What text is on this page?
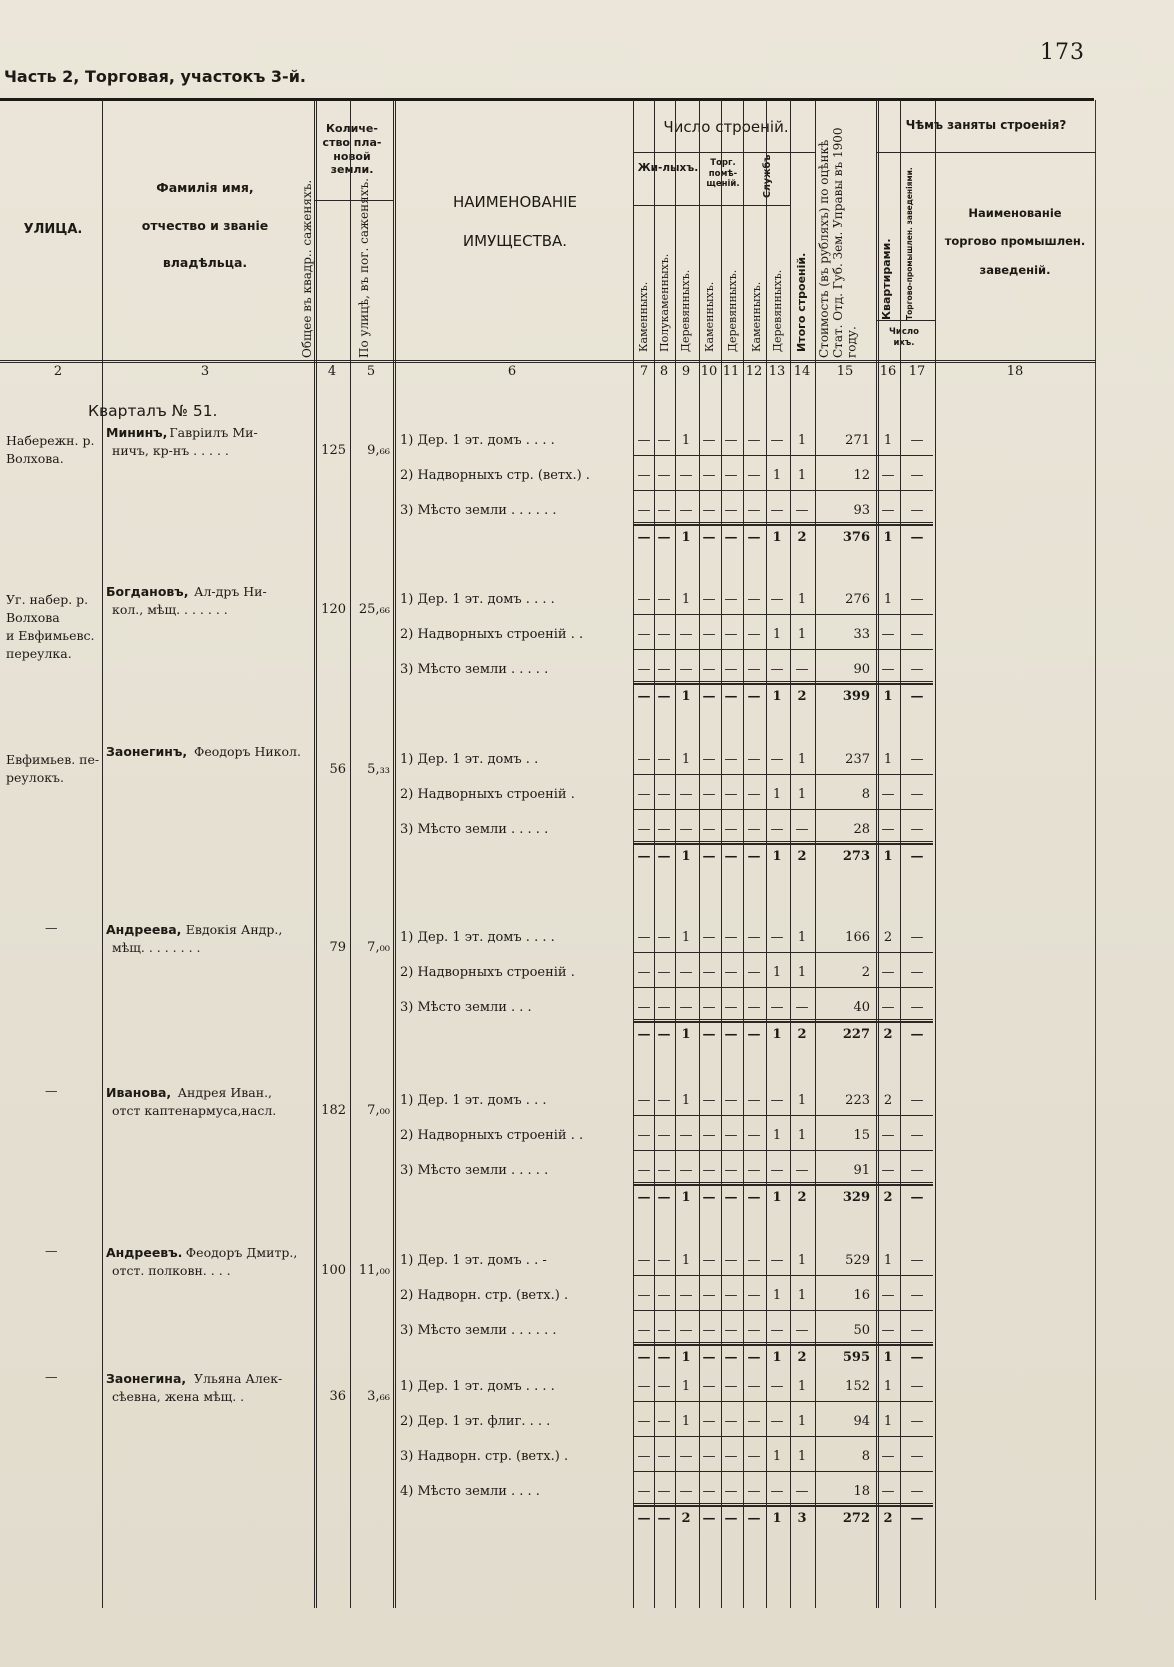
173
Часть 2, Торговая, участокъ 3-й.
УЛИЦА.
Фамилія имя,
отчество и званіе
владѣльца.
Количе-ство пла-новой земли.
Общее въ квадр.. саженяхъ.	По улицѣ, въ пог. саженяхъ.	НАИМЕНОВАНІЕ
ИМУЩЕСТВА.
Число строеній.
Жи-лыхъ.	Торг. помѣ-щеній.	Службъ
Каменныхъ. Полукаменныхъ. Деревянныхъ. Каменныхъ. Деревянныхъ. Каменныхъ. Деревянныхъ. Итого строеній. Стоимость (въ рубляхъ) по оцѣнкѣ Стат. Отд. Губ. Зем. Управы въ 1900 году.
Чѣмъ заняты строенія?
Квартирами. Торгово-промышлен. заведеніями.
Число ихъ.
Наименованіе
торгово промышлен.
заведеній.
2	3	4	5	6	7 8	9 10 11 12 13 14 15 16 17	18
Кварталъ № 51.
Набережн. р.
Волхова.
Мининъ, Гаврiилъ Ми-
ничъ, кр-нъ . . . . .	125	9,₆₆
1) Дер. 1 эт. домъ . . . .	— — 1 — — — —	1	271	1	—
2) Надворныхъ стр. (ветх.) .	— — — — — — 1	1	12 — —
3) Мѣсто земли . . . . . .	— — — — — — — —	93 — —
— — 1 — — — 1	2	376	1	—
Уг. набер. р.
Волхова
и Евфимьевс.
переулка.
Богдановъ, Ал-дръ Ни-
кол., мѣщ. . . . . . .	120 25,₆₆
1) Дер. 1 эт. домъ . . . .	— — 1 — — — —	1	276	1	—
2) Надворныхъ строеній . .	— — — — — — 1	1	33 — —
3) Мѣсто земли . . . . .	— — — — — — — —	90 — —
— — 1 — — — 1	2	399	1	—
Евфимьев. пе-
реулокъ.
Заонегинъ, Феодоръ Никол.
56	5,₃₃
1) Дер. 1 эт. домъ . .	— — 1 — — — —	1	237	1	—
2) Надворныхъ строеній .	— — — — — — 1	1	8 — —
3) Мѣсто земли . . . . .	— — — — — — — —	28 — —
— — 1 — — — 1	2	273	1	—
—	Андреева, Евдокія Андр.,
мѣщ. . . . . . . .	79	7,₀₀
1) Дер. 1 эт. домъ . . . .	— — 1 — — — —	1	166	2	—
2) Надворныхъ строеній .	— — — — — — 1	1	2 — —
3) Мѣсто земли . . .	— — — — — — — —	40 — —
— — 1 — — — 1	2	227	2	—
—	Иванова, Андрея Иван.,
отст каптенармуса,насл.	182	7,₀₀
1) Дер. 1 эт. домъ . . .	— — 1 — — — —	1	223	2	—
2) Надворныхъ строеній . .	— — — — — — 1	1	15 — —
3) Мѣсто земли . . . . .	— — — — — — — —	91 — —
— — 1 — — — 1	2	329	2	—
—	Андреевъ. Феодоръ Дмитр.,
отст. полковн. . . .	100 11,₀₀
1) Дер. 1 эт. домъ . . -	— — 1 — — — —	1	529	1	—
2) Надворн. стр. (ветх.) .	— — — — — — 1	1	16 — —
3) Мѣсто земли . . . . . .	— — — — — — — —	50 — —
— — 1 — — — 1	2	595	1	—
—	Заонегина, Ульяна Алек-
сѣевна, жена мѣщ. .	36	3,₆₆
1) Дер. 1 эт. домъ . . . .	— — 1 — — — —	1	152	1	—
2) Дер. 1 эт. флиг. . . .	— — 1 — — — —	1	94	1	—
3) Надворн. стр. (ветх.) .	— — — — — — 1	1	8 — —
4) Мѣсто земли . . . .	— — — — — — — —	18 — —
— — 2 — — — 1	3	272	2	—
